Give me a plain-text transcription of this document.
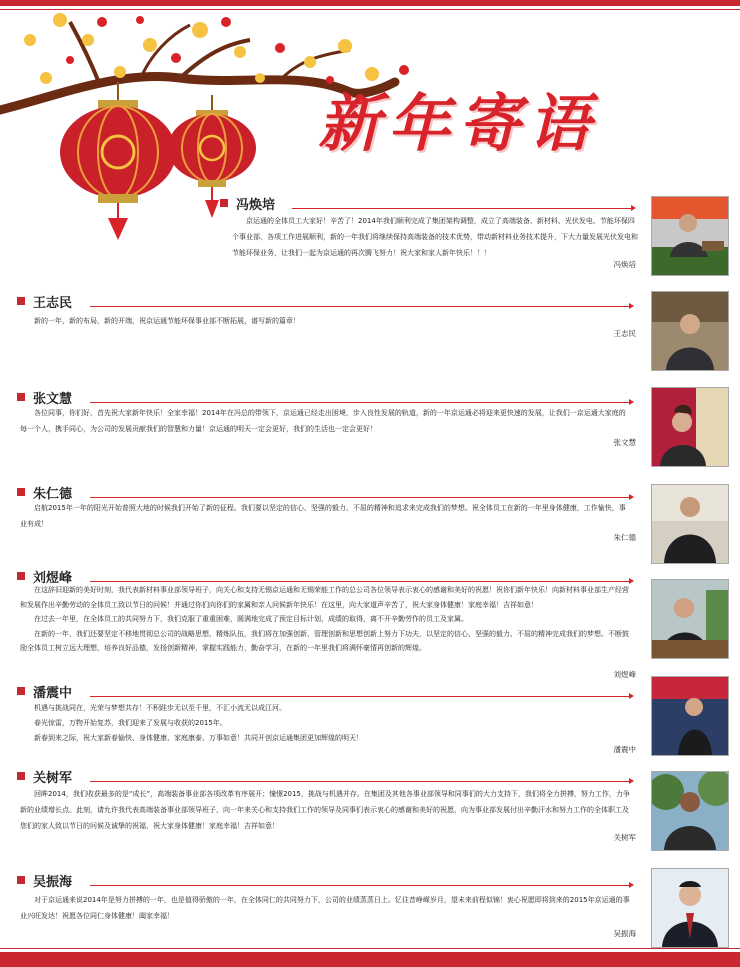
新年寄语
冯焕培

京运通的全体员工大家好！辛苦了！2014年我们顺利完成了集团架构调整，成立了高端装备、新材料、光伏发电、节能环保四个事业部，各项工作进展顺利，新的一年我们将继续保持高端装备的技术优势，带动新材料业务技术提升，下大力量发展光伏发电和节能环保业务，让我们一起为京运通的再次腾飞努力！祝大家和家人新年快乐！！！

冯焕培
王志民

新的一年，新的布局，新的开端，祝京运通节能环保事业部不断拓展，谱写新的篇章！

王志民
张文慧

各位同事，你们好，首先祝大家新年快乐！全家幸福！2014年在冯总的带领下，京运通已经走出困境，步入良性发展的轨道，新的一年京运通必将迎来更快速的发展，让我们一京运通大家庭的每一个人，携手同心，为公司的发展贡献我们的智慧和力量！京运通的明天一定会更好，我们的生活也一定会更好！

张文慧
朱仁德

启航2015年一年的阳光开始普照大地的时候我们开始了新的征程。我们要以坚定的信心、坚强的毅力、不屈的精神和追求来完成我们的梦想。祝全体员工在新的一年里身体健康，工作愉快，事业有成！

朱仁德
刘煜峰

在这辞旧迎新的美好时刻，我代表新材料事业部领导班子，向关心和支持无锡京运通和无锡荣能工作的总公司各位领导表示衷心的感谢和美好的祝愿！祝你们新年快乐！向新材料事业部生产经营和发展作出辛勤劳动的全体员工致以节日的问候！并通过你们向你们的家属和亲人问候新年快乐！在这里，向大家道声辛苦了，祝大家身体健康！家庭幸福！吉祥如意！

在过去一年里，在全体员工的共同努力下，我们克服了重重困难，圆满地完成了预定目标计划，成绩的取得，离不开辛勤劳作的员工及家属。

在新的一年，我们还要坚定不移地贯彻总公司的战略思想，精炼队伍，我们将在加强创新、管理创新和思想创新上努力下功夫，以坚定的信心、坚强的毅力、不屈的精神完成我们的梦想。不断鼓励全体员工树立远大理想，培养良好品德，发扬创新精神，掌握实践能力，勤奋学习，在新的一年里我们将满怀豪情再创新的辉煌。

刘煜峰
潘震中

机遇与挑战同在，光荣与梦想共存！不积跬步无以至千里，不汇小流无以成江河。

春光惊雷，万物开始复苏，我们迎来了发展与收获的2015年。

新春到来之际，祝大家新春愉快、身体健康、家庭康泰、万事如意！共同开创京运通集团更加辉煌的明天！

潘震中
关树军

回眸2014，我们收获最多的是“成长”，高端装备事业部各项改革有序展开；憧憬2015，挑战与机遇并存。在集团及其他各事业部领导和同事们的大力支持下，我们将全力拼搏，努力工作，力争新的业绩增长点。此刻，请允许我代表高端装备事业部领导班子，向一年来关心和支持我们工作的领导及同事们表示衷心的感谢和美好的祝愿，向为事业部发展付出辛勤汗水和努力工作的全体职工及您们的家人致以节日的问候及诚挚的祝福，祝大家身体健康！家庭幸福！吉祥如意！

关树军
吴振海

对于京运通来说2014年是努力拼搏的一年，也是值得骄傲的一年，在全体同仁的共同努力下，公司的业绩蒸蒸日上。忆往昔峥嵘岁月，望未来前程似锦！衷心祝愿即将到来的2015年京运通的事业兴旺发达！祝愿各位同仁身体健康！阖家幸福！

吴振海
